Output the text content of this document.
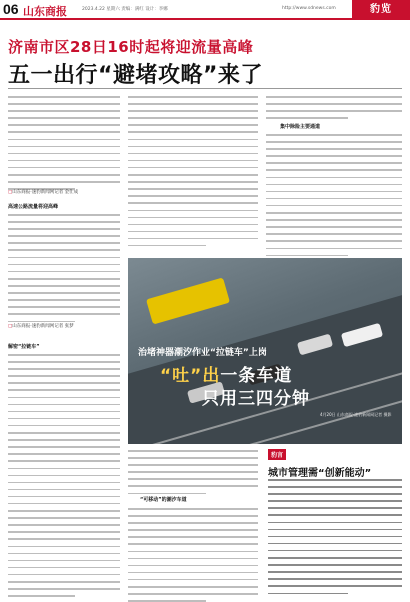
06 山东商报	2023.4.22 星期六 责编：满红 设计：李娜	http://www.sdnews.com	豹览
济南市区28日16时起将迎流量高峰
五一出行“避堵攻略”来了
□山东商报·速豹新闻网记者 金仕成
高速公路流量将迎高峰
集中除险主要通道
□山东商报·速豹新闻网记者 张梦
解密“拉链车”
治堵神器潮汐作业“拉链车”上岗
“吐”出一条车道
只用三四分钟
4月20日 山东商报·速豹新闻网记者 摄影
“可移动”的潮汐车道
豹言
城市管理需“创新能动”
